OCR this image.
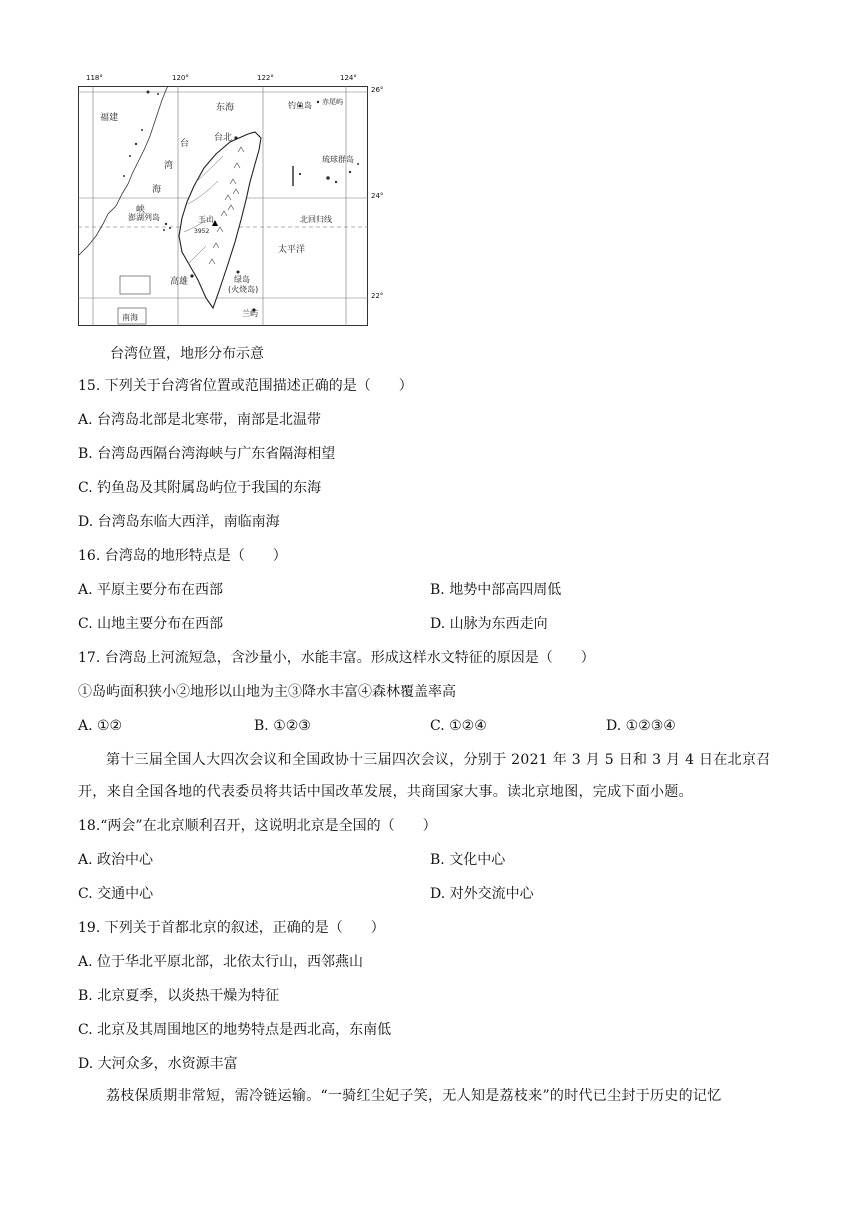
福建
东海	钓鱼岛 赤尾屿
台
台北
湾
琉球群岛
海
峡
澎湖列岛	北回归线
玉山
3952
太平洋
高雄	绿岛
(火烧岛)
兰屿
南海
118°	120°	122°	124°
26°
24°
22°
台湾位置，地形分布示意
15. 下列关于台湾省位置或范围描述正确的是（　　）
A. 台湾岛北部是北寒带，南部是北温带
B. 台湾岛西隔台湾海峡与广东省隔海相望
C. 钓鱼岛及其附属岛屿位于我国的东海
D. 台湾岛东临大西洋，南临南海
16. 台湾岛的地形特点是（　　）
A. 平原主要分布在西部	B. 地势中部高四周低
C. 山地主要分布在西部	D. 山脉为东西走向
17. 台湾岛上河流短急，含沙量小，水能丰富。形成这样水文特征的原因是（　　）
①岛屿面积狭小②地形以山地为主③降水丰富④森林覆盖率高
A. ①②	B. ①②③	C. ①②④	D. ①②③④
第十三届全国人大四次会议和全国政协十三届四次会议，分别于 2021 年 3 月 5 日和 3 月 4 日在北京召开，来自全国各地的代表委员将共话中国改革发展，共商国家大事。读北京地图，完成下面小题。
18.“两会”在北京顺利召开，这说明北京是全国的（　　）
A. 政治中心	B. 文化中心
C. 交通中心	D. 对外交流中心
19. 下列关于首都北京的叙述，正确的是（　　）
A. 位于华北平原北部，北依太行山，西邻燕山
B. 北京夏季，以炎热干燥为特征
C. 北京及其周围地区的地势特点是西北高，东南低
D. 大河众多，水资源丰富
荔枝保质期非常短，需冷链运输。“一骑红尘妃子笑，无人知是荔枝来”的时代已尘封于历史的记忆
